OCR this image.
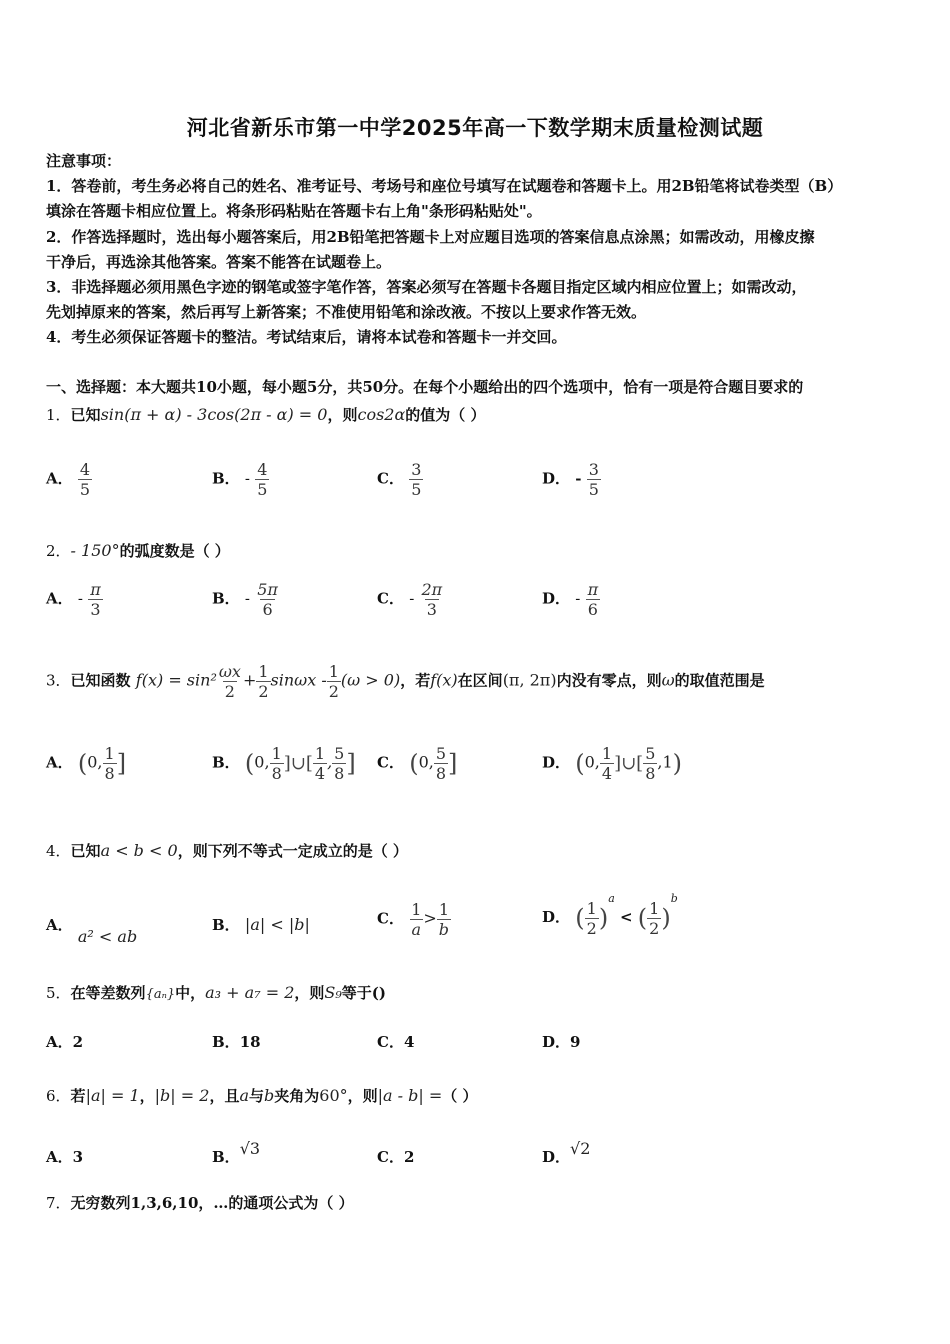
河北省新乐市第一中学2025年高一下数学期末质量检测试题
注意事项：
1．答卷前，考生务必将自己的姓名、准考证号、考场号和座位号填写在试题卷和答题卡上。用2B铅笔将试卷类型（B）
填涂在答题卡相应位置上。将条形码粘贴在答题卡右上角"条形码粘贴处"。
2．作答选择题时，选出每小题答案后，用2B铅笔把答题卡上对应题目选项的答案信息点涂黑；如需改动，用橡皮擦
干净后，再选涂其他答案。答案不能答在试题卷上。
3．非选择题必须用黑色字迹的钢笔或签字笔作答，答案必须写在答题卡各题目指定区域内相应位置上；如需改动，
先划掉原来的答案，然后再写上新答案；不准使用铅笔和涂改液。不按以上要求作答无效。
4．考生必须保证答题卡的整洁。考试结束后，请将本试卷和答题卡一并交回。
一、选择题：本大题共10小题，每小题5分，共50分。在每个小题给出的四个选项中，恰有一项是符合题目要求的
1．已知sin(π + α) - 3cos(2π - α) = 0，则cos2α的值为（ ）
A． $\frac{4}{5}$	B． - $\frac{4}{5}$	C． $\frac{3}{5}$	D． - $\frac{3}{5}$
2．- 150°的弧度数是（ ）
A． - $\frac{\pi}{3}$	B． - $\frac{5\pi}{6}$	C． - $\frac{2\pi}{3}$	D． - $\frac{\pi}{6}$
3．已知函数 $f(x) = \sin^2 \frac{\omega x}{2} + \frac{1}{2}$ $\sin\omega x - \frac{1}{2} (\omega > 0)$，若f(x)在区间(π, 2π)内没有零点，则ω的取值范围是
A． (0, $\frac{1}{8}$ ]	B． (0, $\frac{1}{8}$ ]∪[ $\frac{1}{4}$ , $\frac{5}{8}$ ] C． (0, $\frac{5}{8}$ ]	D． (0, $\frac{1}{4}$ ]∪[ $\frac{5}{8} ,1$)
4．已知a < b < 0，则下列不等式一定成立的是（ ）
A． a² < ab
B． |a| < |b|	C． $\frac{1}{a} > \frac{1}{b}$	D． ( $\frac{1}{2} )^a$ < ( $\frac{1}{2} )^b$
5．在等差数列{aₙ}中，a₃ + a₇ = 2，则S₉等于()
A．2	B．18	C．4	D．9
6．若|a| = 1，|b| = 2，且a与b夹角为60°，则|a - b| =（ ）
A．3	B．√3	C．2	D．√2
7．无穷数列1,3,6,10，…的通项公式为（ ）
